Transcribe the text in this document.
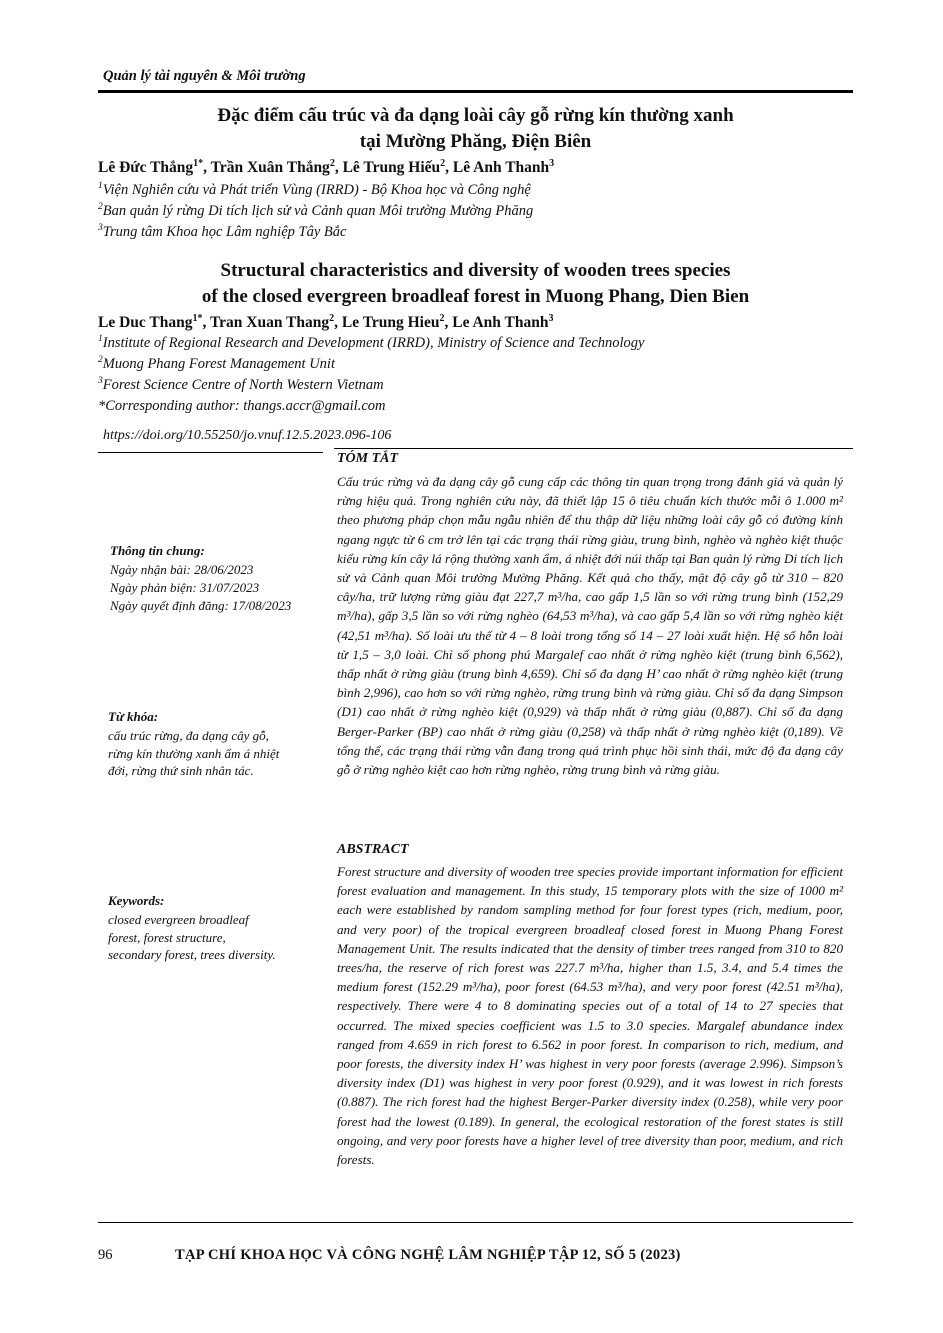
Quản lý tài nguyên & Môi trường
Đặc điểm cấu trúc và đa dạng loài cây gỗ rừng kín thường xanh
tại Mường Phăng, Điện Biên
Lê Đức Thắng$^{1*}$, Trần Xuân Thắng$^2$, Lê Trung Hiếu$^2$, Lê Anh Thanh$^3$
$^1$Viện Nghiên cứu và Phát triển Vùng (IRRD) - Bộ Khoa học và Công nghệ
$^2$Ban quản lý rừng Di tích lịch sử và Cảnh quan Môi trường Mường Phăng
$^3$Trung tâm Khoa học Lâm nghiệp Tây Bắc
Structural characteristics and diversity of wooden trees species
of the closed evergreen broadleaf forest in Muong Phang, Dien Bien
Le Duc Thang$^{1*}$, Tran Xuan Thang$^2$, Le Trung Hieu$^2$, Le Anh Thanh$^3$
$^1$Institute of Regional Research and Development (IRRD), Ministry of Science and Technology
$^2$Muong Phang Forest Management Unit
$^3$Forest Science Centre of North Western Vietnam
*Corresponding author: thangs.accr@gmail.com
https://doi.org/10.55250/jo.vnuf.12.5.2023.096-106
Thông tin chung:
Ngày nhận bài: 28/06/2023
Ngày phản biện: 31/07/2023
Ngày quyết định đăng: 17/08/2023
Từ khóa:
cấu trúc rừng, đa dạng cây gỗ,
rừng kín thường xanh ẩm á nhiệt
đới, rừng thứ sinh nhân tác.
Keywords:
closed evergreen broadleaf
forest, forest structure,
secondary forest, trees diversity.
TÓM TẮT
Cấu trúc rừng và đa dạng cây gỗ cung cấp các thông tin quan trọng trong đánh giá và quản lý rừng hiệu quả. Trong nghiên cứu này, đã thiết lập 15 ô tiêu chuẩn kích thước mỗi ô 1.000 m² theo phương pháp chọn mẫu ngẫu nhiên để thu thập dữ liệu những loài cây gỗ có đường kính ngang ngực từ 6 cm trở lên tại các trạng thái rừng giàu, trung bình, nghèo và nghèo kiệt thuộc kiểu rừng kín cây lá rộng thường xanh ẩm, á nhiệt đới núi thấp tại Ban quản lý rừng Di tích lịch sử và Cảnh quan Môi trường Mường Phăng. Kết quả cho thấy, mật độ cây gỗ từ 310 – 820 cây/ha, trữ lượng rừng giàu đạt 227,7 m³/ha, cao gấp 1,5 lần so với rừng trung bình (152,29 m³/ha), gấp 3,5 lần so với rừng nghèo (64,53 m³/ha), và cao gấp 5,4 lần so với rừng nghèo kiệt (42,51 m³/ha). Số loài ưu thế từ 4 – 8 loài trong tổng số 14 – 27 loài xuất hiện. Hệ số hỗn loài từ 1,5 – 3,0 loài. Chỉ số phong phú Margalef cao nhất ở rừng nghèo kiệt (trung bình 6,562), thấp nhất ở rừng giàu (trung bình 4,659). Chỉ số đa dạng H’ cao nhất ở rừng nghèo kiệt (trung bình 2,996), cao hơn so với rừng nghèo, rừng trung bình và rừng giàu. Chỉ số đa dạng Simpson (D1) cao nhất ở rừng nghèo kiệt (0,929) và thấp nhất ở rừng giàu (0,887). Chỉ số đa dạng Berger-Parker (BP) cao nhất ở rừng giàu (0,258) và thấp nhất ở rừng nghèo kiệt (0,189). Về tổng thể, các trạng thái rừng vẫn đang trong quá trình phục hồi sinh thái, mức độ đa dạng cây gỗ ở rừng nghèo kiệt cao hơn rừng nghèo, rừng trung bình và rừng giàu.
ABSTRACT
Forest structure and diversity of wooden tree species provide important information for efficient forest evaluation and management. In this study, 15 temporary plots with the size of 1000 m² each were established by random sampling method for four forest types (rich, medium, poor, and very poor) of the tropical evergreen broadleaf closed forest in Muong Phang Forest Management Unit. The results indicated that the density of timber trees ranged from 310 to 820 trees/ha, the reserve of rich forest was 227.7 m³/ha, higher than 1.5, 3.4, and 5.4 times the medium forest (152.29 m³/ha), poor forest (64.53 m³/ha), and very poor forest (42.51 m³/ha), respectively. There were 4 to 8 dominating species out of a total of 14 to 27 species that occurred. The mixed species coefficient was 1.5 to 3.0 species. Margalef abundance index ranged from 4.659 in rich forest to 6.562 in poor forest. In comparison to rich, medium, and poor forests, the diversity index H’ was highest in very poor forests (average 2.996). Simpson’s diversity index (D1) was highest in very poor forest (0.929), and it was lowest in rich forests (0.887). The rich forest had the highest Berger-Parker diversity index (0.258), while very poor forest had the lowest (0.189). In general, the ecological restoration of the forest states is still ongoing, and very poor forests have a higher level of tree diversity than poor, medium, and rich forests.
96	TẠP CHÍ KHOA HỌC VÀ CÔNG NGHỆ LÂM NGHIỆP TẬP 12, SỐ 5 (2023)
